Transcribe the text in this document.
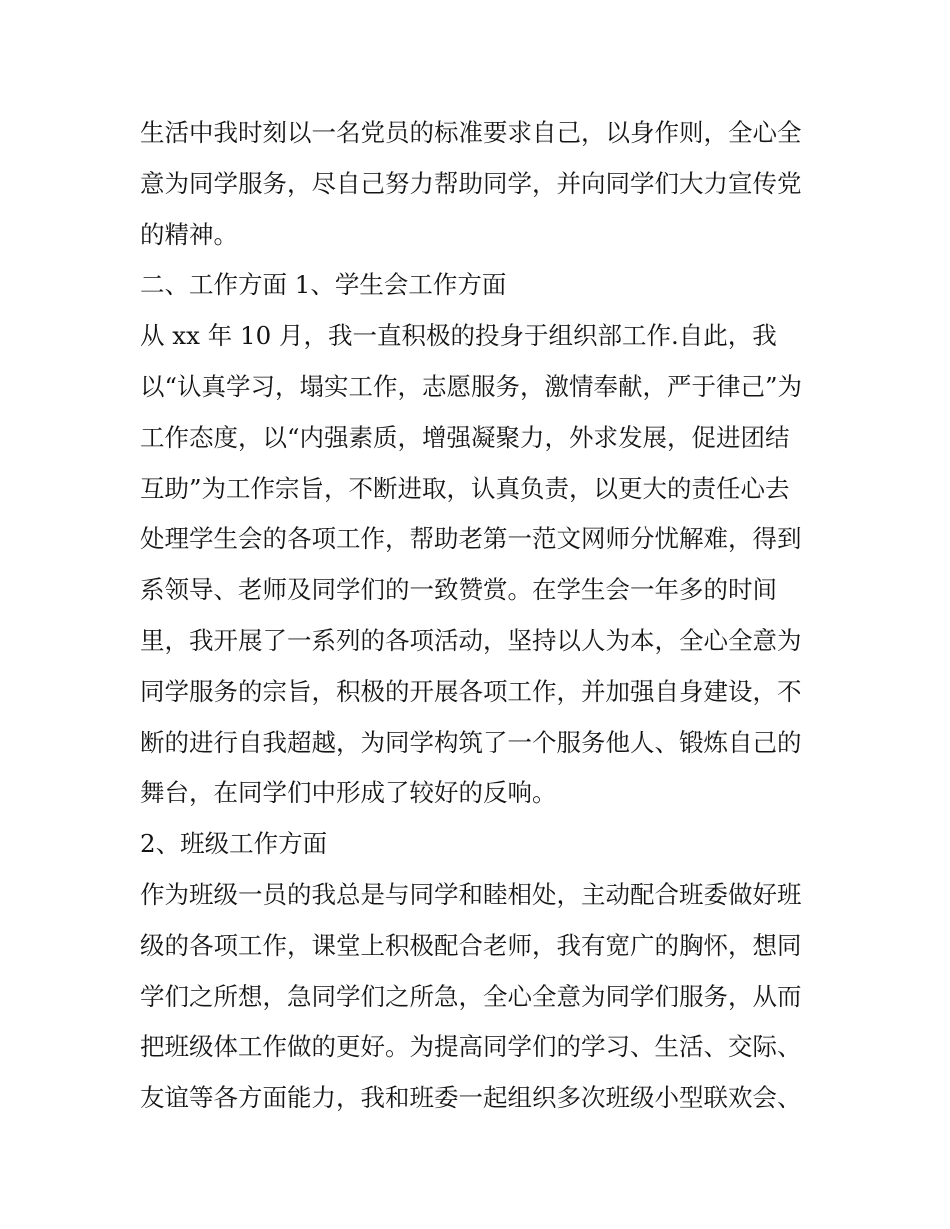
生活中我时刻以一名党员的标准要求自己，以身作则，全心全
意为同学服务，尽自己努力帮助同学，并向同学们大力宣传党
的精神。
二、工作方面 1、学生会工作方面
从 xx 年 10 月，我一直积极的投身于组织部工作.自此，我
以“认真学习，塌实工作，志愿服务，激情奉献，严于律己”为
工作态度，以“内强素质，增强凝聚力，外求发展，促进团结
互助”为工作宗旨，不断进取，认真负责，以更大的责任心去
处理学生会的各项工作，帮助老第一范文网师分忧解难，得到
系领导、老师及同学们的一致赞赏。在学生会一年多的时间
里，我开展了一系列的各项活动，坚持以人为本，全心全意为
同学服务的宗旨，积极的开展各项工作，并加强自身建设，不
断的进行自我超越，为同学构筑了一个服务他人、锻炼自己的
舞台，在同学们中形成了较好的反响。
2、班级工作方面
作为班级一员的我总是与同学和睦相处，主动配合班委做好班
级的各项工作，课堂上积极配合老师，我有宽广的胸怀，想同
学们之所想，急同学们之所急，全心全意为同学们服务，从而
把班级体工作做的更好。为提高同学们的学习、生活、交际、
友谊等各方面能力，我和班委一起组织多次班级小型联欢会、
